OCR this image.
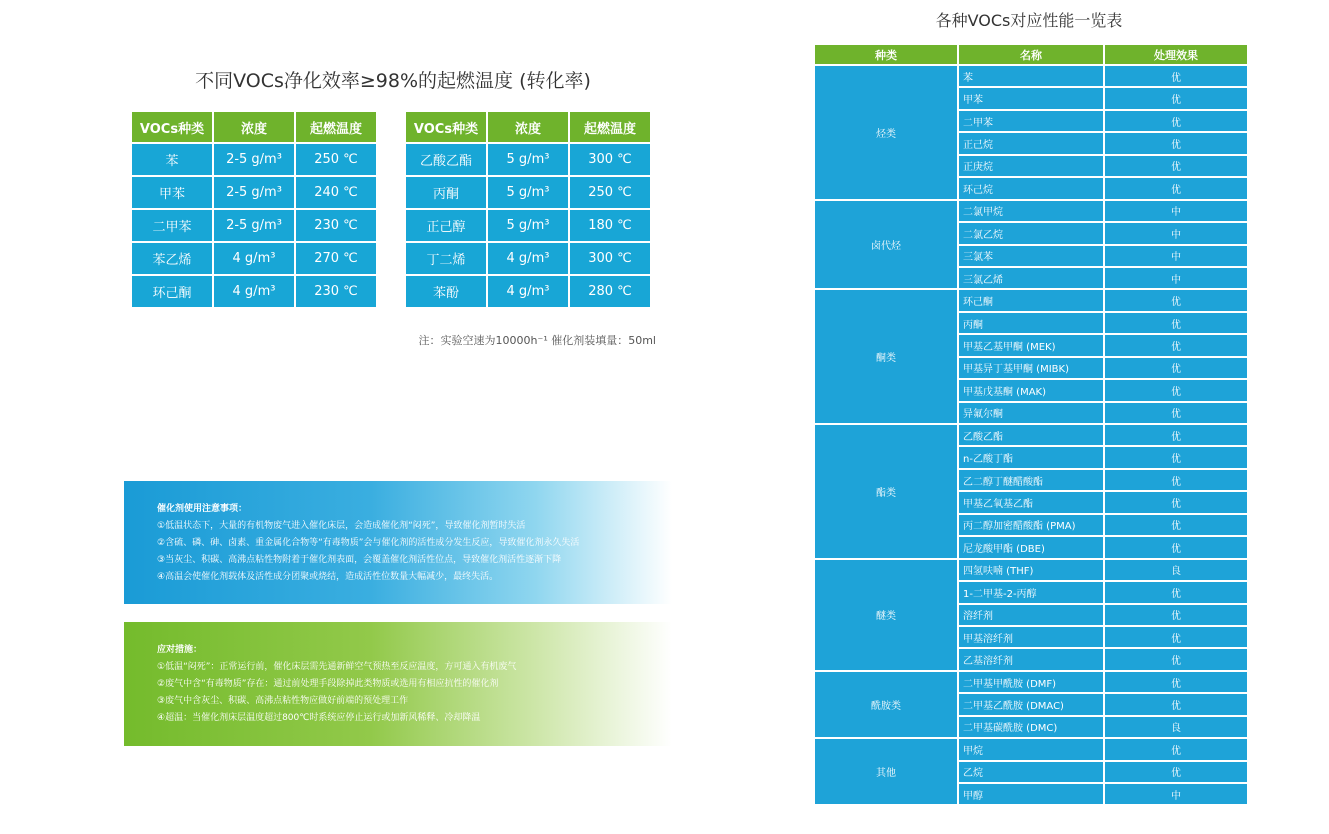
不同VOCs净化效率≥98%的起燃温度 (转化率)
VOCs种类	浓度	起燃温度
苯	2-5 g/m³	250 ℃
甲苯	2-5 g/m³	240 ℃
二甲苯	2-5 g/m³	230 ℃
苯乙烯	4 g/m³	270 ℃
环己酮	4 g/m³	230 ℃
VOCs种类	浓度	起燃温度
乙酸乙酯	5 g/m³	300 ℃
丙酮	5 g/m³	250 ℃
正己醇	5 g/m³	180 ℃
丁二烯	4 g/m³	300 ℃
苯酚	4 g/m³	280 ℃
注：实验空速为10000h⁻¹ 催化剂装填量：50ml
催化剂使用注意事项：
①低温状态下，大量的有机物废气进入催化床层，会造成催化剂“闷死”，导致催化剂暂时失活
②含硫、磷、砷、卤素、重金属化合物等“有毒物质”会与催化剂的活性成分发生反应，导致催化剂永久失活
③当灰尘、积碳、高沸点粘性物附着于催化剂表面，会覆盖催化剂活性位点，导致催化剂活性逐渐下降
④高温会使催化剂载体及活性成分团聚或烧结，造成活性位数量大幅减少，最终失活。
应对措施：
①低温“闷死”：正常运行前，催化床层需先通新鲜空气预热至反应温度，方可通入有机废气
②废气中含“有毒物质”存在：通过前处理手段除掉此类物质或选用有相应抗性的催化剂
③废气中含灰尘、积碳、高沸点粘性物应做好前端的预处理工作
④超温：当催化剂床层温度超过800℃时系统应停止运行或加新风稀释、冷却降温
各种VOCs对应性能一览表
种类	名称	处理效果
烃类	苯	优
	甲苯	优
	二甲苯	优
	正己烷	优
	正庚烷	优
	环己烷	优
卤代烃	二氯甲烷	中
	二氯乙烷	中
	三氯苯	中
	三氯乙烯	中
酮类	环己酮	优
	丙酮	优
	甲基乙基甲酮 (MEK)	优
	甲基异丁基甲酮 (MIBK)	优
	甲基戊基酮 (MAK)	优
	异氟尔酮	优
酯类	乙酸乙酯	优
	n-乙酸丁酯	优
	乙二醇丁醚醋酸酯	优
	甲基乙氧基乙酯	优
	丙二醇加密醋酸酯 (PMA)	优
	尼龙酸甲酯 (DBE)	优
醚类	四氢呋喃 (THF)	良
	1-二甲基-2-丙醇	优
	溶纤剂	优
	甲基溶纤剂	优
	乙基溶纤剂	优
酰胺类	二甲基甲酰胺 (DMF)	优
	二甲基乙酰胺 (DMAC)	优
	二甲基碳酰胺 (DMC)	良
其他	甲烷	优
	乙烷	优
	甲醇	中
